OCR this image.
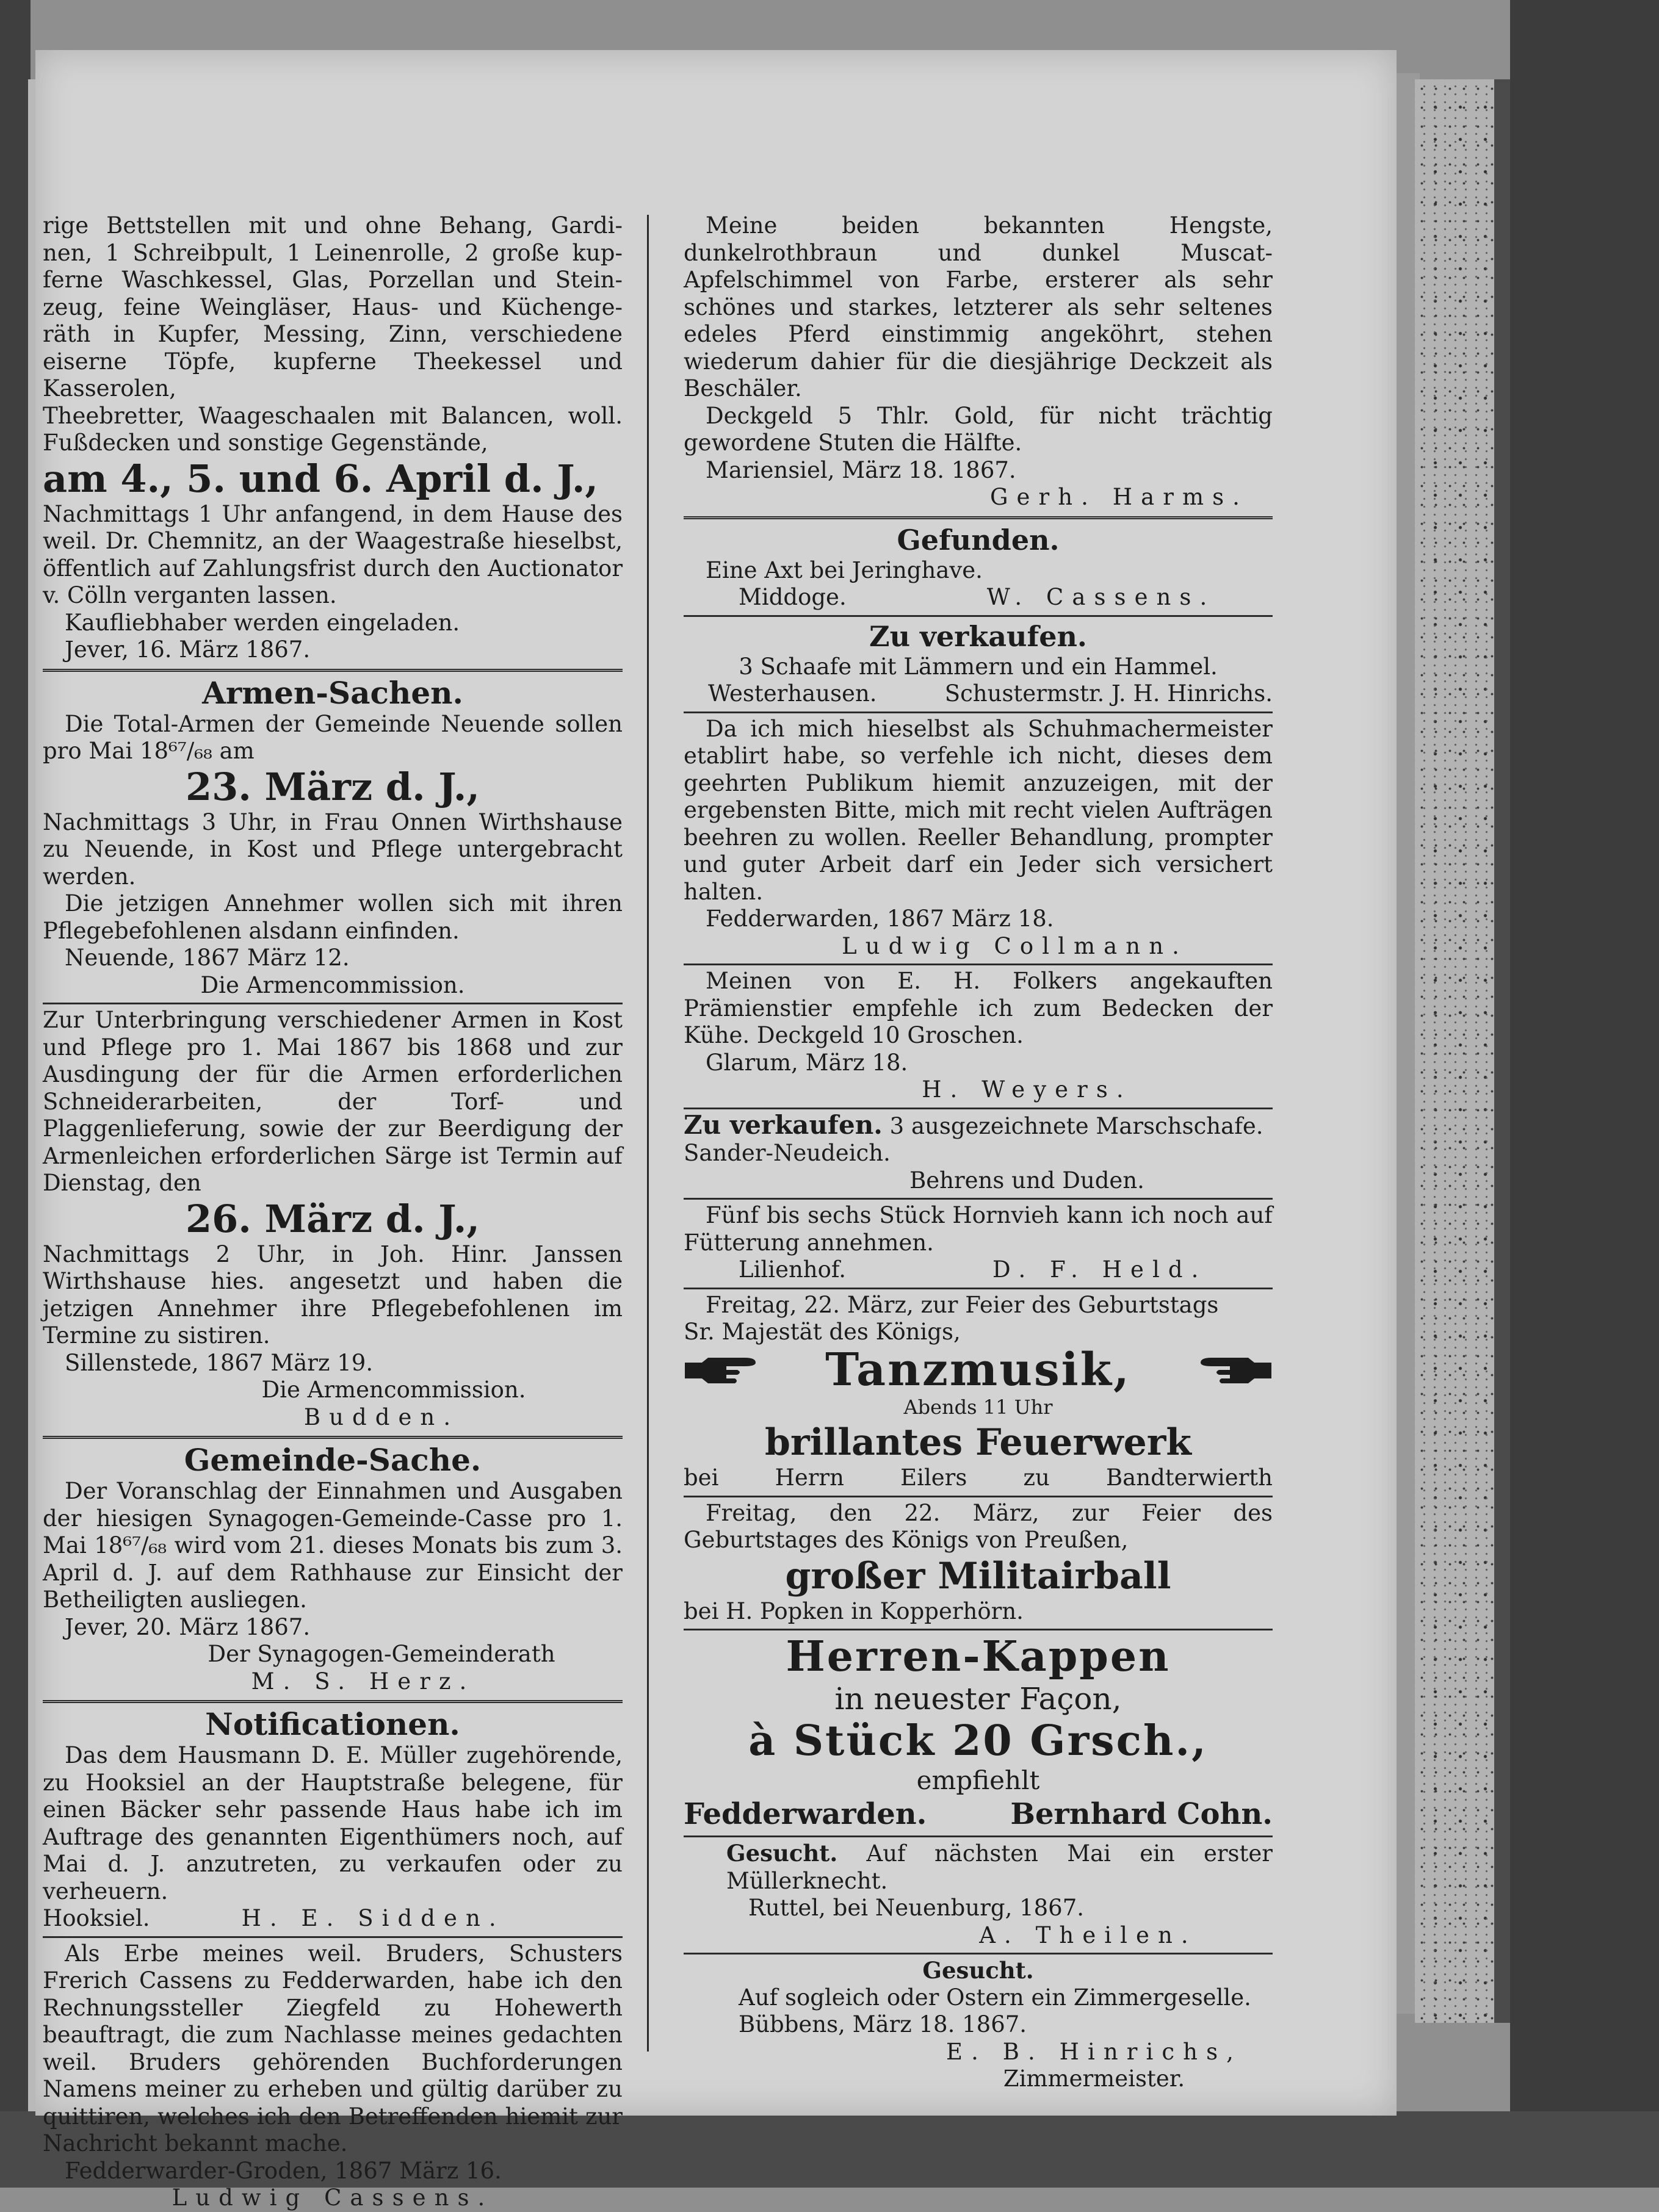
rige Bettstellen mit und ohne Behang, Gardi-
nen, 1 Schreibpult, 1 Leinenrolle, 2 große kup-
ferne Waschkessel, Glas, Porzellan und Stein-
zeug, feine Weingläser, Haus- und Küchenge-
räth in Kupfer, Messing, Zinn, verschiedene
eiserne Töpfe, kupferne Theekessel und Kasserolen,
Theebretter, Waageschaalen mit Balancen, woll.
Fußdecken und sonstige Gegenstände,
am 4., 5. und 6. April d. J.,
Nachmittags 1 Uhr anfangend, in dem Hause des weil. Dr. Chemnitz, an der Waagestraße hieselbst, öffentlich auf Zahlungsfrist durch den Auctionator v. Cölln verganten lassen.
Kaufliebhaber werden eingeladen.
Jever, 16. März 1867.
Armen-Sachen.
Die Total-Armen der Gemeinde Neuende sollen pro Mai 18⁶⁷/₆₈ am
23. März d. J.,
Nachmittags 3 Uhr, in Frau Onnen Wirthshause zu Neuende, in Kost und Pflege untergebracht werden.
Die jetzigen Annehmer wollen sich mit ihren Pflegebefohlenen alsdann einfinden.
Neuende, 1867 März 12.
Die Armencommission.
Zur Unterbringung verschiedener Armen in Kost und Pflege pro 1. Mai 1867 bis 1868 und zur Ausdingung der für die Armen erforderlichen Schneiderarbeiten, der Torf- und Plaggenlieferung, sowie der zur Beerdigung der Armenleichen erforderlichen Särge ist Termin auf Dienstag, den
26. März d. J.,
Nachmittags 2 Uhr, in Joh. Hinr. Janssen Wirthshause hies. angesetzt und haben die jetzigen Annehmer ihre Pflegebefohlenen im Termine zu sistiren.
Sillenstede, 1867 März 19.
Die Armencommission.
Budden.
Gemeinde-Sache.
Der Voranschlag der Einnahmen und Ausgaben der hiesigen Synagogen-Gemeinde-Casse pro 1. Mai 18⁶⁷/₆₈ wird vom 21. dieses Monats bis zum 3. April d. J. auf dem Rathhause zur Einsicht der Betheiligten ausliegen.
Jever, 20. März 1867.
Der Synagogen-Gemeinderath
M. S. Herz.
Notificationen.
Das dem Hausmann D. E. Müller zugehörende, zu Hooksiel an der Hauptstraße belegene, für einen Bäcker sehr passende Haus habe ich im Auftrage des genannten Eigenthümers noch, auf Mai d. J. anzutreten, zu verkaufen oder zu verheuern.
Hooksiel.	H. E. Sidden.
Als Erbe meines weil. Bruders, Schusters Frerich Cassens zu Fedderwarden, habe ich den Rechnungssteller Ziegfeld zu Hohewerth beauftragt, die zum Nachlasse meines gedachten weil. Bruders gehörenden Buchforderungen Namens meiner zu erheben und gültig darüber zu quittiren, welches ich den Betreffenden hiemit zur Nachricht bekannt mache.
Fedderwarder-Groden, 1867 März 16.
Ludwig Cassens.
Meine beiden bekannten Hengste, dunkelrothbraun und dunkel Muscat-Apfelschimmel von Farbe, ersterer als sehr schönes und starkes, letzterer als sehr seltenes edeles Pferd einstimmig angeköhrt, stehen wiederum dahier für die diesjährige Deckzeit als Beschäler.
Deckgeld 5 Thlr. Gold, für nicht trächtig gewordene Stuten die Hälfte.
Mariensiel, März 18. 1867.
Gerh. Harms.
Gefunden.
Eine Axt bei Jeringhave.
Middoge.	W. Cassens.
Zu verkaufen.
3 Schaafe mit Lämmern und ein Hammel.
Westerhausen.	Schustermstr. J. H. Hinrichs.
Da ich mich hieselbst als Schuhmachermeister etablirt habe, so verfehle ich nicht, dieses dem geehrten Publikum hiemit anzuzeigen, mit der ergebensten Bitte, mich mit recht vielen Aufträgen beehren zu wollen. Reeller Behandlung, prompter und guter Arbeit darf ein Jeder sich versichert halten.
Fedderwarden, 1867 März 18.
Ludwig Collmann.
Meinen von E. H. Folkers angekauften Prämienstier empfehle ich zum Bedecken der Kühe. Deckgeld 10 Groschen.
Glarum, März 18.
H. Weyers.
Zu verkaufen. 3 ausgezeichnete Marschschafe.
Sander-Neudeich.
Behrens und Duden.
Fünf bis sechs Stück Hornvieh kann ich noch auf Fütterung annehmen.
Lilienhof.	D. F. Held.
Freitag, 22. März, zur Feier des Geburtstags
Sr. Majestät des Königs,
Tanzmusik,
Abends 11 Uhr
brillantes Feuerwerk
bei Herrn Eilers zu Bandterwierth
Freitag, den 22. März, zur Feier des Geburtstages des Königs von Preußen,
großer Militairball
bei H. Popken in Kopperhörn.
Herren-Kappen
in neuester Façon,
à Stück 20 Grsch.,
empfiehlt
Fedderwarden.	Bernhard Cohn.
Gesucht. Auf nächsten Mai ein erster Müllerknecht.
Ruttel, bei Neuenburg, 1867.
A. Theilen.
Gesucht.
Auf sogleich oder Ostern ein Zimmergeselle.
Bübbens, März 18. 1867.
E. B. Hinrichs,
Zimmermeister.
